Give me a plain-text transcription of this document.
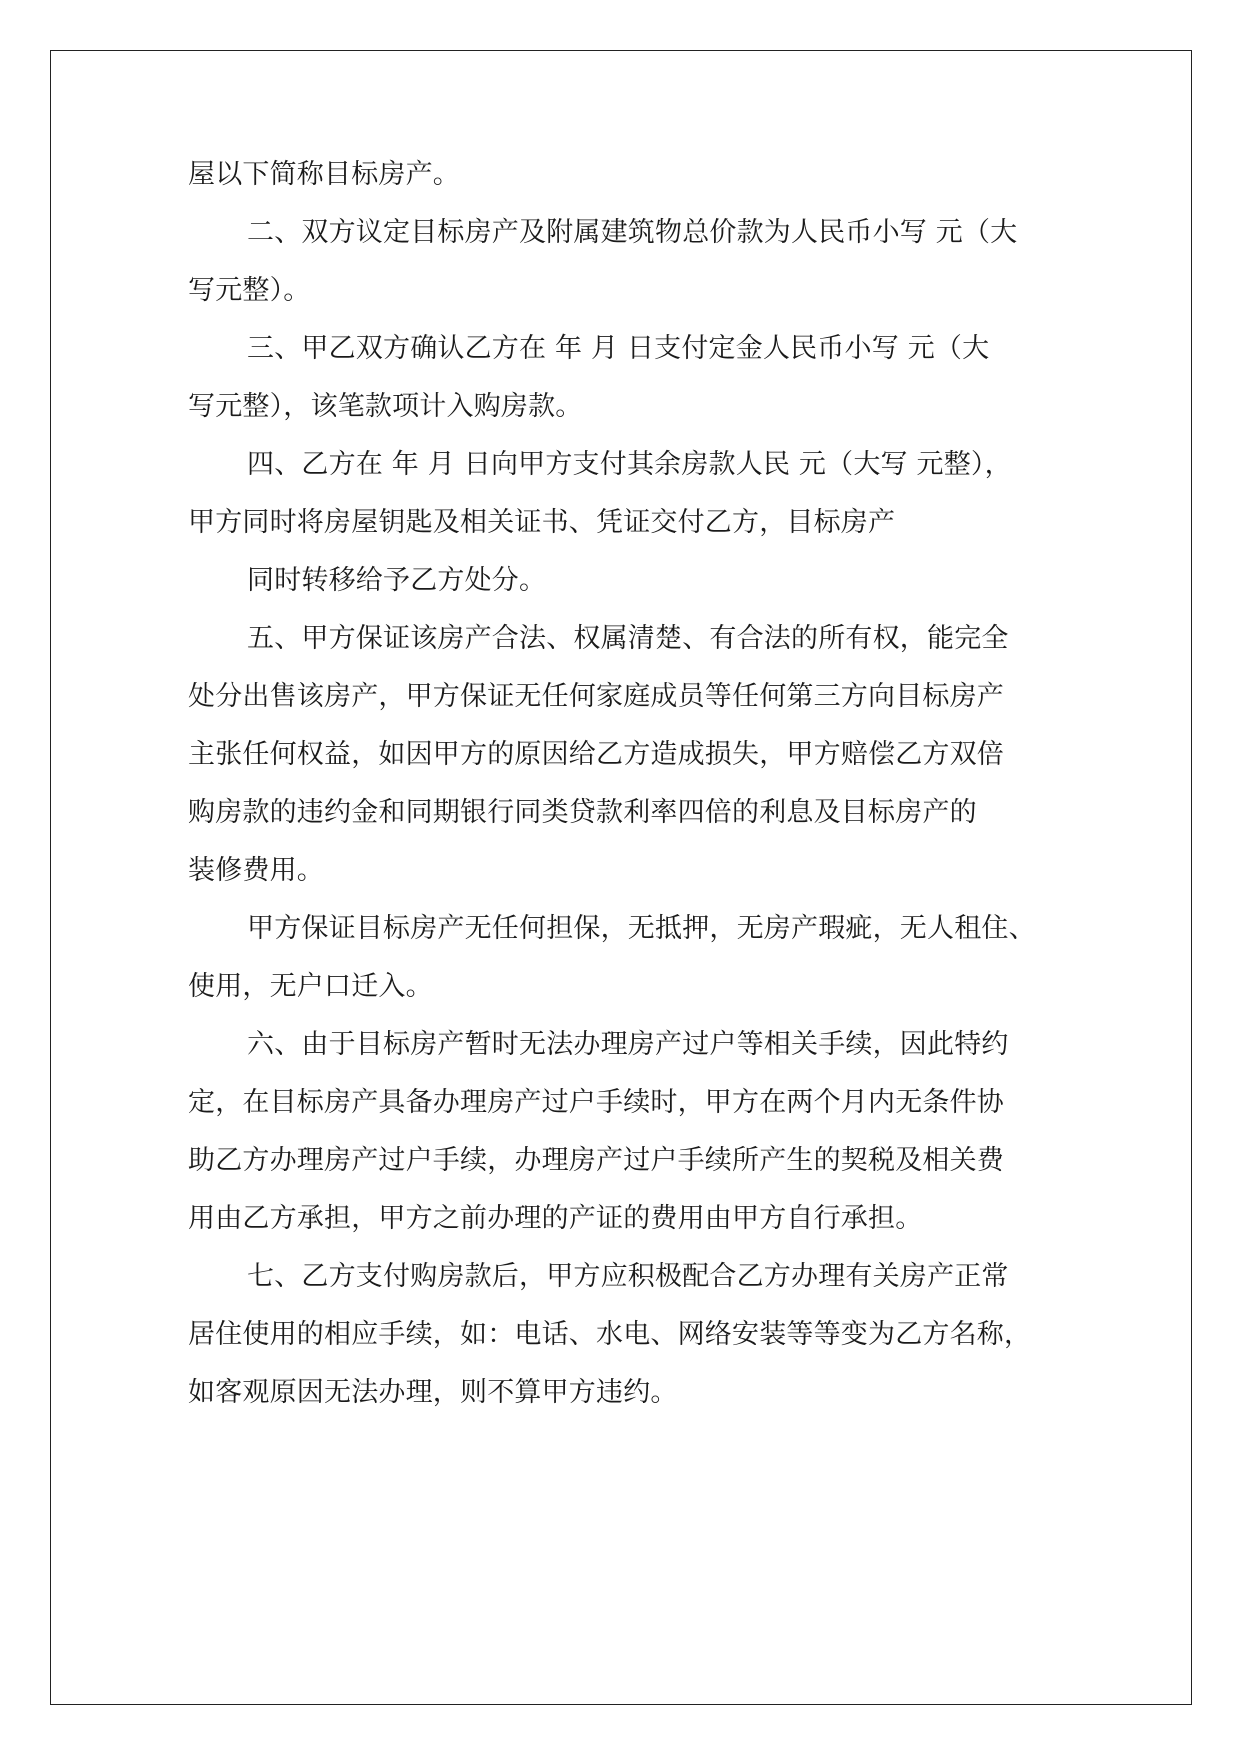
屋以下简称目标房产。
二、双方议定目标房产及附属建筑物总价款为人民币小写 元（大
写元整）。
三、甲乙双方确认乙方在 年 月 日支付定金人民币小写 元（大
写元整），该笔款项计入购房款。
四、乙方在 年 月 日向甲方支付其余房款人民 元（大写 元整），
甲方同时将房屋钥匙及相关证书、凭证交付乙方，目标房产
同时转移给予乙方处分。
五、甲方保证该房产合法、权属清楚、有合法的所有权，能完全
处分出售该房产，甲方保证无任何家庭成员等任何第三方向目标房产
主张任何权益，如因甲方的原因给乙方造成损失，甲方赔偿乙方双倍
购房款的违约金和同期银行同类贷款利率四倍的利息及目标房产的
装修费用。
甲方保证目标房产无任何担保，无抵押，无房产瑕疵，无人租住、
使用，无户口迁入。
六、由于目标房产暂时无法办理房产过户等相关手续，因此特约
定，在目标房产具备办理房产过户手续时，甲方在两个月内无条件协
助乙方办理房产过户手续，办理房产过户手续所产生的契税及相关费
用由乙方承担，甲方之前办理的产证的费用由甲方自行承担。
七、乙方支付购房款后，甲方应积极配合乙方办理有关房产正常
居住使用的相应手续，如：电话、水电、网络安装等等变为乙方名称，
如客观原因无法办理，则不算甲方违约。
